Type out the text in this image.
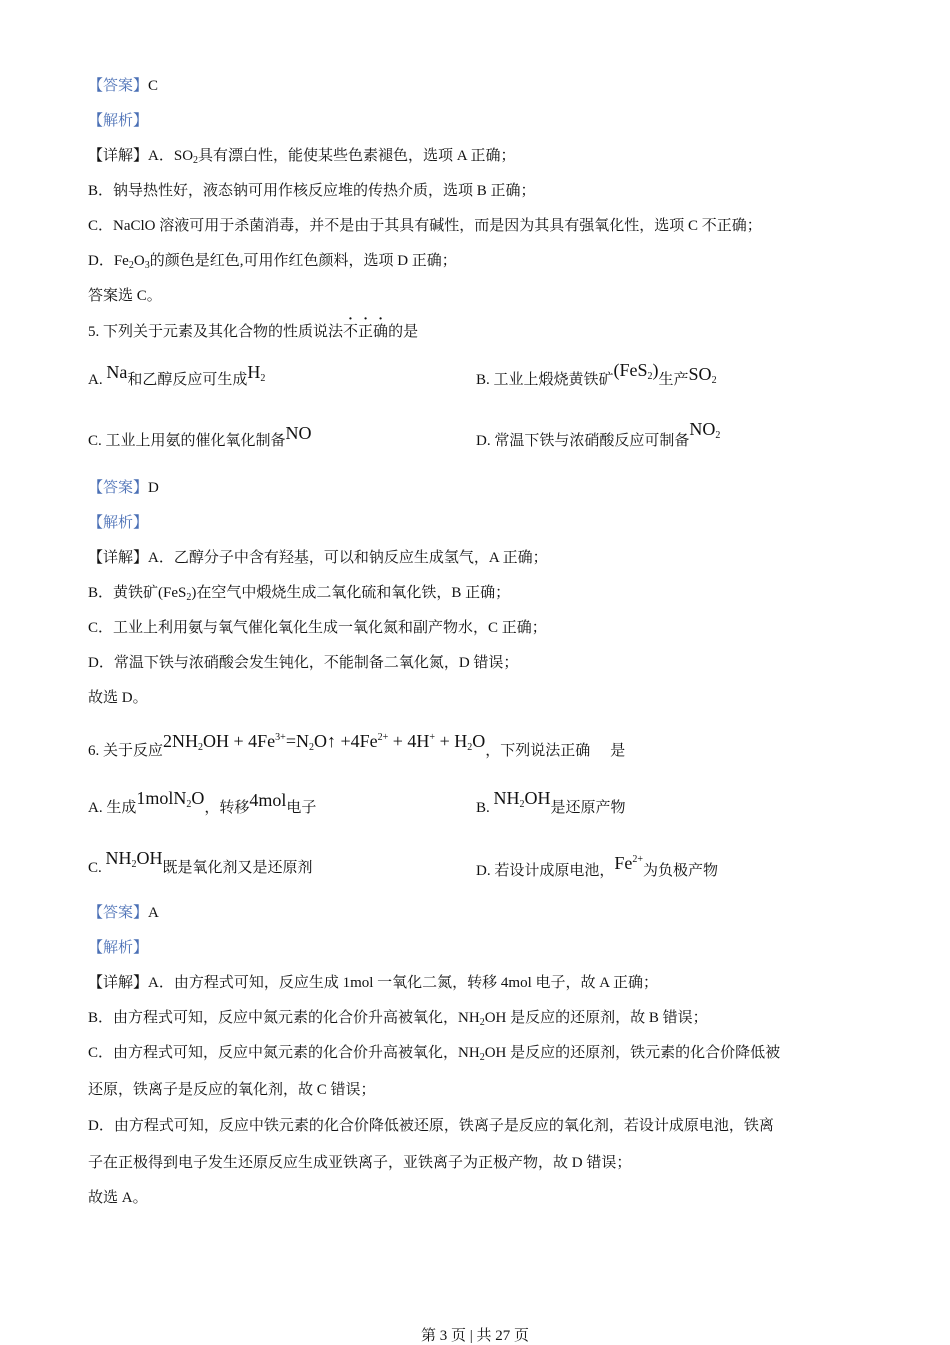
【答案】C
【解析】
【详解】A．$SO_2$具有漂白性，能使某些色素褪色，选项 A 正确；
B．钠导热性好，液态钠可用作核反应堆的传热介质，选项 B 正确；
C．NaClO 溶液可用于杀菌消毒，并不是由于其具有碱性，而是因为其具有强氧化性，选项 C 不正确；
D．$Fe_2O_3$的颜色是红色,可用作红色颜料，选项 D 正确；
答案选 C。
5. 下列关于元素及其化合物的性质说法不正确的是
A. Na和乙醇反应可生成$H_2$	B. 工业上煅烧黄铁矿(FeS$_2$)生产$SO_2$
C. 工业上用氨的催化氧化制备NO	D. 常温下铁与浓硝酸反应可制备$NO_2$
【答案】D
【解析】
【详解】A．乙醇分子中含有羟基，可以和钠反应生成氢气，A 正确；
B．黄铁矿(FeS$_2$)在空气中煅烧生成二氧化硫和氧化铁，B 正确；
C．工业上利用氨与氧气催化氧化生成一氧化氮和副产物水，C 正确；
D．常温下铁与浓硝酸会发生钝化，不能制备二氧化氮，D 错误；
故选 D。
6. 关于反应$2NH_2OH$ + $4Fe^{3+}=N_2O↑ +4Fe^{2+} + 4H^+ + H_2O$，下列说法正确 是
A. 生成1molN$_2$O，转移4mol电子	B. $NH_2OH$是还原产物
C. $NH_2OH$既是氧化剂又是还原剂	D. 若设计成原电池，$Fe^{2+}$为负极产物
【答案】A
【解析】
【详解】A．由方程式可知，反应生成 1mol 一氧化二氮，转移 4mol 电子，故 A 正确；
B．由方程式可知，反应中氮元素的化合价升高被氧化，$NH_2OH$ 是反应的还原剂，故 B 错误；
C．由方程式可知，反应中氮元素的化合价升高被氧化，$NH_2OH$ 是反应的还原剂，铁元素的化合价降低被
还原，铁离子是反应的氧化剂，故 C 错误；
D．由方程式可知，反应中铁元素的化合价降低被还原，铁离子是反应的氧化剂，若设计成原电池，铁离
子在正极得到电子发生还原反应生成亚铁离子，亚铁离子为正极产物，故 D 错误；
故选 A。
第 3 页 | 共 27 页
